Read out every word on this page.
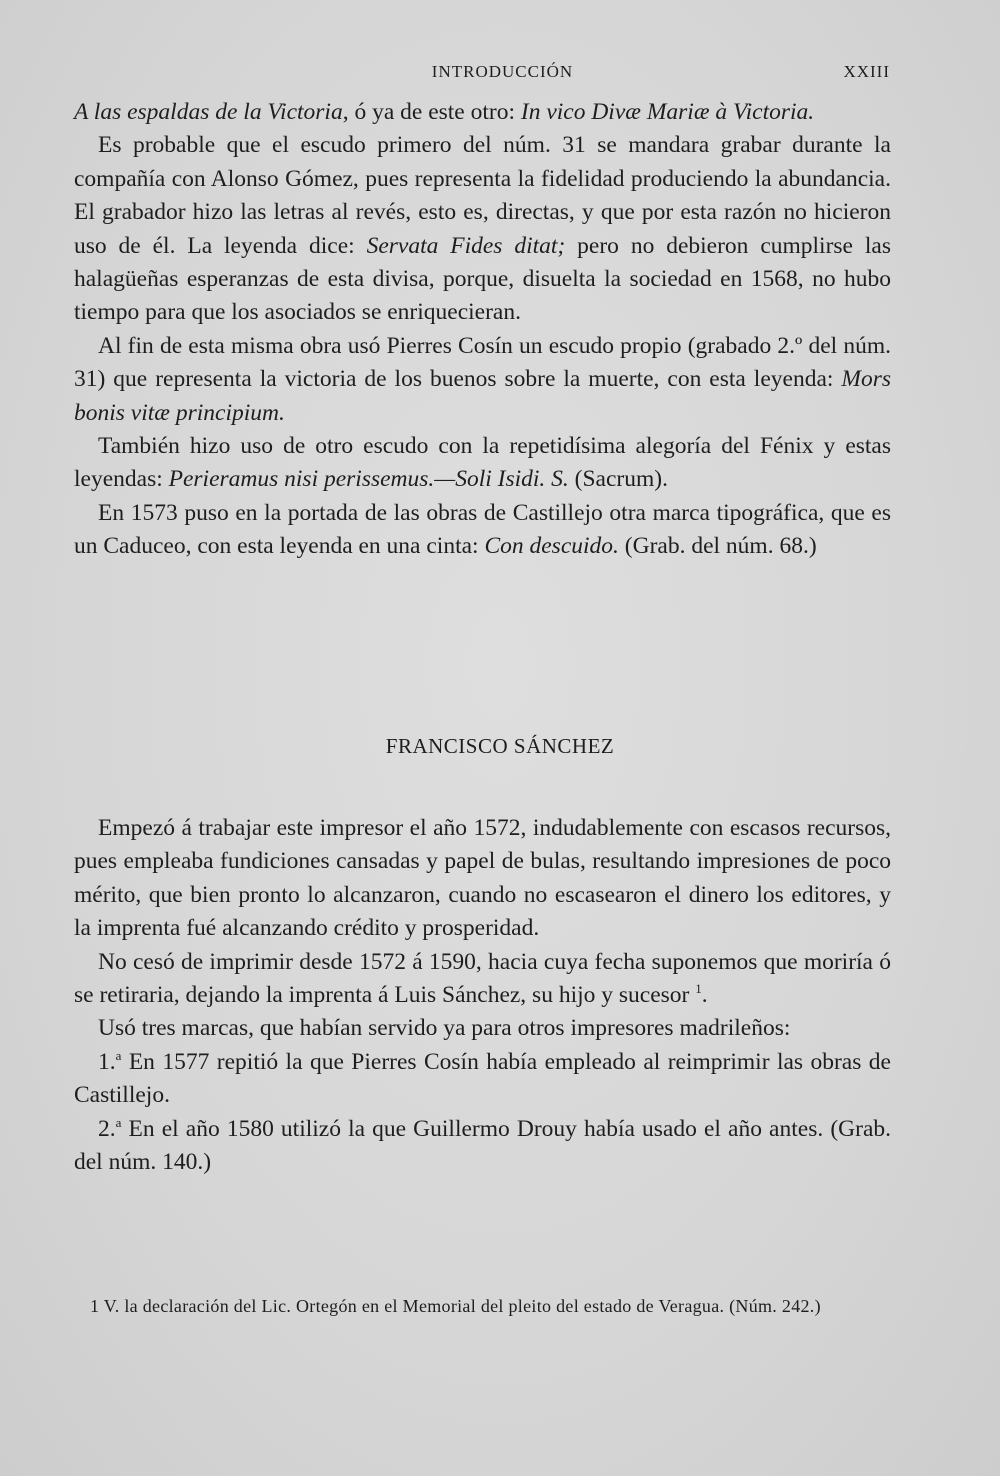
INTRODUCCIÓN	XXIII

A las espaldas de la Victoria, ó ya de este otro: In vico Divæ Mariæ à Victoria.

Es probable que el escudo primero del núm. 31 se mandara grabar durante la compañía con Alonso Gómez, pues representa la fidelidad produciendo la abundancia. El grabador hizo las letras al revés, esto es, directas, y que por esta razón no hicieron uso de él. La leyenda dice: Servata Fides ditat; pero no debieron cumplirse las halagüeñas esperanzas de esta divisa, porque, disuelta la sociedad en 1568, no hubo tiempo para que los asociados se enriquecieran.

Al fin de esta misma obra usó Pierres Cosín un escudo propio (grabado 2.º del núm. 31) que representa la victoria de los buenos sobre la muerte, con esta leyenda: Mors bonis vitæ principium.

También hizo uso de otro escudo con la repetidísima alegoría del Fénix y estas leyendas: Perieramus nisi perissemus.—Soli Isidi. S. (Sacrum).

En 1573 puso en la portada de las obras de Castillejo otra marca tipográfica, que es un Caduceo, con esta leyenda en una cinta: Con descuido. (Grab. del núm. 68.)

FRANCISCO SÁNCHEZ

Empezó á trabajar este impresor el año 1572, indudablemente con escasos recursos, pues empleaba fundiciones cansadas y papel de bulas, resultando impresiones de poco mérito, que bien pronto lo alcanzaron, cuando no escasearon el dinero los editores, y la imprenta fué alcanzando crédito y prosperidad.

No cesó de imprimir desde 1572 á 1590, hacia cuya fecha suponemos que moriría ó se retiraria, dejando la imprenta á Luis Sánchez, su hijo y sucesor $^1$.

Usó tres marcas, que habían servido ya para otros impresores madrileños:

1.$^a$ En 1577 repitió la que Pierres Cosín había empleado al reimprimir las obras de Castillejo.

2.$^a$ En el año 1580 utilizó la que Guillermo Drouy había usado el año antes. (Grab. del núm. 140.)

1 V. la declaración del Lic. Ortegón en el Memorial del pleito del estado de Veragua. (Núm. 242.)
